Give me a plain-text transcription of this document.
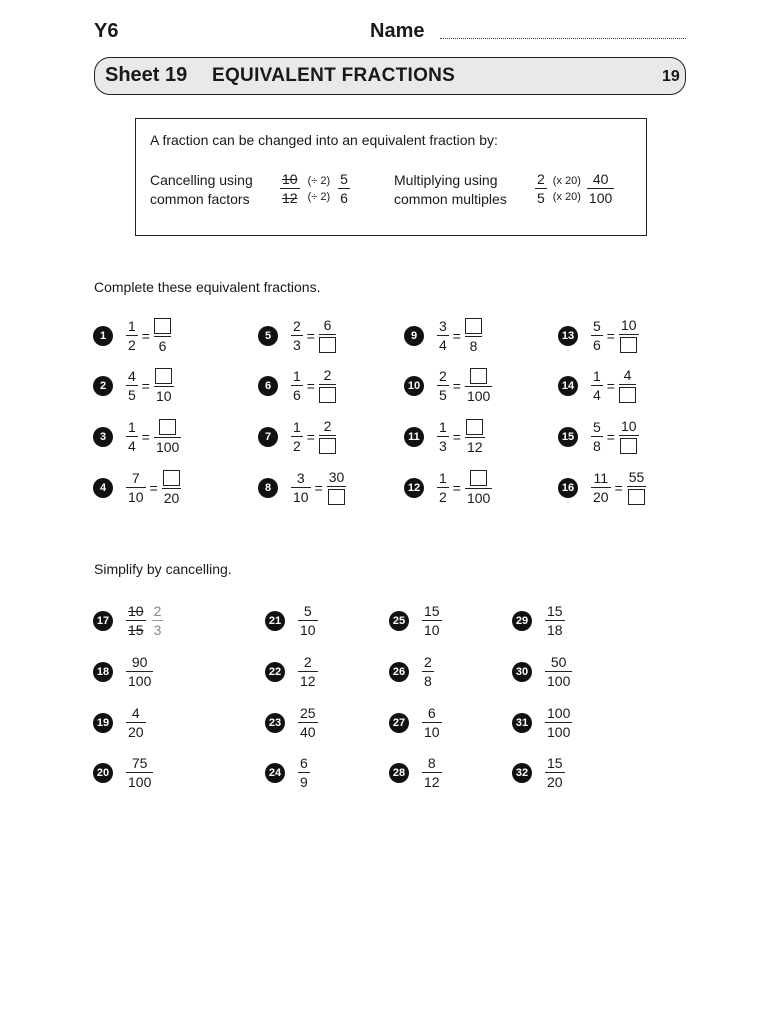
Y6	Name
Sheet 19 EQUIVALENT FRACTIONS	19
A fraction can be changed into an equivalent fraction by:
Cancelling using
common factors $\frac{10}{12}$ (÷ 2)
(÷ $2) \frac{5}{6}$	Multiplying using
common multiples $\frac{2}{5} (x$ 20)
(x $20) \frac{40}{100}$
Complete these equivalent fractions.
1	$\frac{1}{2}$ =
6
2	$\frac{4}{5}$ =
10
3	$\frac{1}{4}$ =
100
4	$\frac{7}{10}$ =
20
5	$\frac{2}{3}$ =
6
6	$\frac{1}{6}$ =
2
7	$\frac{1}{2}$ =
2
8	$\frac{3}{10}$ =
30
9	$\frac{3}{4}$ =
8
$10 \frac{2}{5}$ =
100
$11 \frac{1}{3}$ =
12
$12 \frac{1}{2}$ =
100
$13 \frac{5}{6}$ =
10
$14 \frac{1}{4}$ =
4
$15 \frac{5}{8}$ =
10
$16 \frac{11}{20}$ =
55
Simplify by cancelling.
$17 \frac{10}{15} \frac{2}{3}$
$18 \frac{90}{100}$
$19 \frac{4}{20}$
$20 \frac{75}{100}$
$21 \frac{5}{10}$
$22 \frac{2}{12}$
$23 \frac{25}{40}$
$24 \frac{6}{9}$
$25 \frac{15}{10}$
$26 \frac{2}{8}$
$27 \frac{6}{10}$
$28 \frac{8}{12}$
$29 \frac{15}{18}$
$30 \frac{50}{100}$
$31 \frac{100}{100}$
$32 \frac{15}{20}$
